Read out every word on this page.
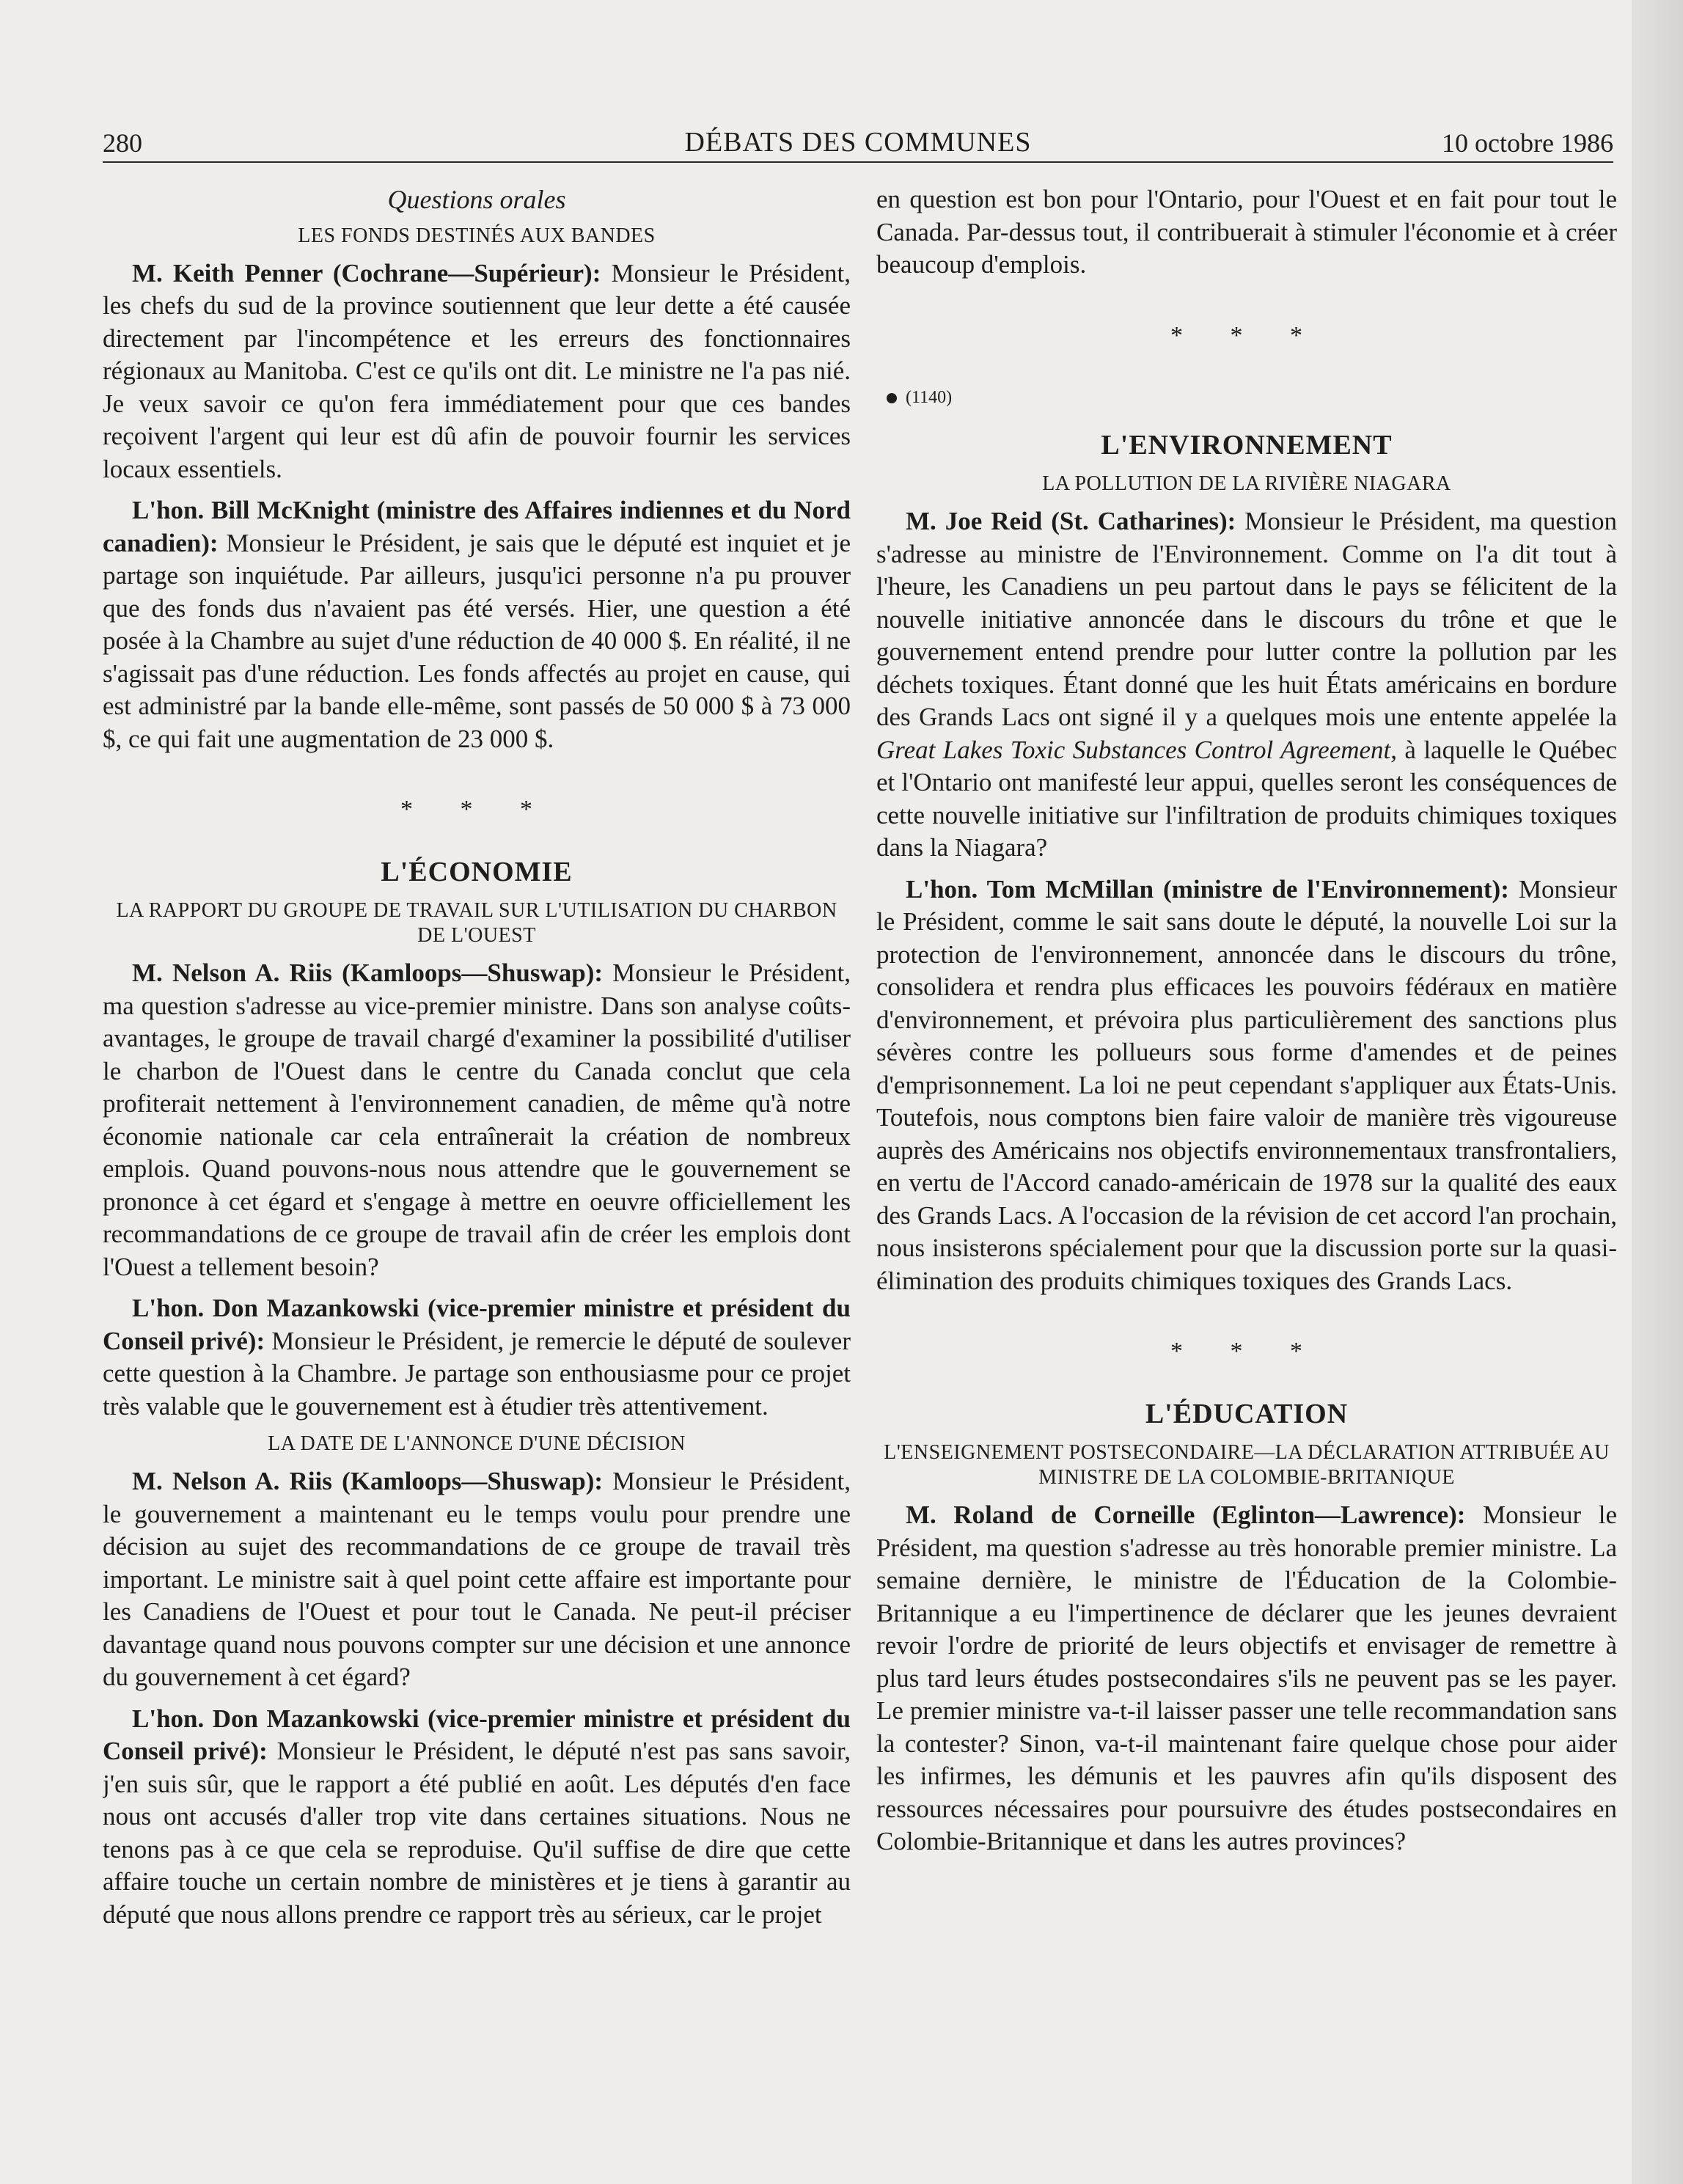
280	DÉBATS DES COMMUNES	10 octobre 1986
Questions orales
LES FONDS DESTINÉS AUX BANDES

M. Keith Penner (Cochrane—Supérieur): Monsieur le Président, les chefs du sud de la province soutiennent que leur dette a été causée directement par l'incompétence et les erreurs des fonctionnaires régionaux au Manitoba. C'est ce qu'ils ont dit. Le ministre ne l'a pas nié. Je veux savoir ce qu'on fera immédiatement pour que ces bandes reçoivent l'argent qui leur est dû afin de pouvoir fournir les services locaux essentiels.

L'hon. Bill McKnight (ministre des Affaires indiennes et du Nord canadien): Monsieur le Président, je sais que le député est inquiet et je partage son inquiétude. Par ailleurs, jusqu'ici personne n'a pu prouver que des fonds dus n'avaient pas été versés. Hier, une question a été posée à la Chambre au sujet d'une réduction de 40 000 $. En réalité, il ne s'agissait pas d'une réduction. Les fonds affectés au projet en cause, qui est administré par la bande elle-même, sont passés de 50 000 $ à 73 000 $, ce qui fait une augmentation de 23 000 $.

* * *
L'ÉCONOMIE
LA RAPPORT DU GROUPE DE TRAVAIL SUR L'UTILISATION DU CHARBON DE L'OUEST

M. Nelson A. Riis (Kamloops—Shuswap): Monsieur le Président, ma question s'adresse au vice-premier ministre. Dans son analyse coûts-avantages, le groupe de travail chargé d'examiner la possibilité d'utiliser le charbon de l'Ouest dans le centre du Canada conclut que cela profiterait nettement à l'environnement canadien, de même qu'à notre économie nationale car cela entraînerait la création de nombreux emplois. Quand pouvons-nous nous attendre que le gouvernement se prononce à cet égard et s'engage à mettre en oeuvre officiellement les recommandations de ce groupe de travail afin de créer les emplois dont l'Ouest a tellement besoin?

L'hon. Don Mazankowski (vice-premier ministre et président du Conseil privé): Monsieur le Président, je remercie le député de soulever cette question à la Chambre. Je partage son enthousiasme pour ce projet très valable que le gouvernement est à étudier très attentivement.

LA DATE DE L'ANNONCE D'UNE DÉCISION

M. Nelson A. Riis (Kamloops—Shuswap): Monsieur le Président, le gouvernement a maintenant eu le temps voulu pour prendre une décision au sujet des recommandations de ce groupe de travail très important. Le ministre sait à quel point cette affaire est importante pour les Canadiens de l'Ouest et pour tout le Canada. Ne peut-il préciser davantage quand nous pouvons compter sur une décision et une annonce du gouvernement à cet égard?

L'hon. Don Mazankowski (vice-premier ministre et président du Conseil privé): Monsieur le Président, le député n'est pas sans savoir, j'en suis sûr, que le rapport a été publié en août. Les députés d'en face nous ont accusés d'aller trop vite dans certaines situations. Nous ne tenons pas à ce que cela se reproduise. Qu'il suffise de dire que cette affaire touche un certain nombre de ministères et je tiens à garantir au député que nous allons prendre ce rapport très au sérieux, car le projet

en question est bon pour l'Ontario, pour l'Ouest et en fait pour tout le Canada. Par-dessus tout, il contribuerait à stimuler l'économie et à créer beaucoup d'emplois.

* * *
(1140)
L'ENVIRONNEMENT
LA POLLUTION DE LA RIVIÈRE NIAGARA

M. Joe Reid (St. Catharines): Monsieur le Président, ma question s'adresse au ministre de l'Environnement. Comme on l'a dit tout à l'heure, les Canadiens un peu partout dans le pays se félicitent de la nouvelle initiative annoncée dans le discours du trône et que le gouvernement entend prendre pour lutter contre la pollution par les déchets toxiques. Étant donné que les huit États américains en bordure des Grands Lacs ont signé il y a quelques mois une entente appelée la Great Lakes Toxic Substances Control Agreement, à laquelle le Québec et l'Ontario ont manifesté leur appui, quelles seront les conséquences de cette nouvelle initiative sur l'infiltration de produits chimiques toxiques dans la Niagara?

L'hon. Tom McMillan (ministre de l'Environnement): Monsieur le Président, comme le sait sans doute le député, la nouvelle Loi sur la protection de l'environnement, annoncée dans le discours du trône, consolidera et rendra plus efficaces les pouvoirs fédéraux en matière d'environnement, et prévoira plus particulièrement des sanctions plus sévères contre les pollueurs sous forme d'amendes et de peines d'emprisonnement. La loi ne peut cependant s'appliquer aux États-Unis. Toutefois, nous comptons bien faire valoir de manière très vigoureuse auprès des Américains nos objectifs environnementaux transfrontaliers, en vertu de l'Accord canado-américain de 1978 sur la qualité des eaux des Grands Lacs. A l'occasion de la révision de cet accord l'an prochain, nous insisterons spécialement pour que la discussion porte sur la quasi-élimination des produits chimiques toxiques des Grands Lacs.

* * *
L'ÉDUCATION
L'ENSEIGNEMENT POSTSECONDAIRE—LA DÉCLARATION ATTRIBUÉE AU MINISTRE DE LA COLOMBIE-BRITANIQUE

M. Roland de Corneille (Eglinton—Lawrence): Monsieur le Président, ma question s'adresse au très honorable premier ministre. La semaine dernière, le ministre de l'Éducation de la Colombie-Britannique a eu l'impertinence de déclarer que les jeunes devraient revoir l'ordre de priorité de leurs objectifs et envisager de remettre à plus tard leurs études postsecondaires s'ils ne peuvent pas se les payer. Le premier ministre va-t-il laisser passer une telle recommandation sans la contester? Sinon, va-t-il maintenant faire quelque chose pour aider les infirmes, les démunis et les pauvres afin qu'ils disposent des ressources nécessaires pour poursuivre des études postsecondaires en Colombie-Britannique et dans les autres provinces?
